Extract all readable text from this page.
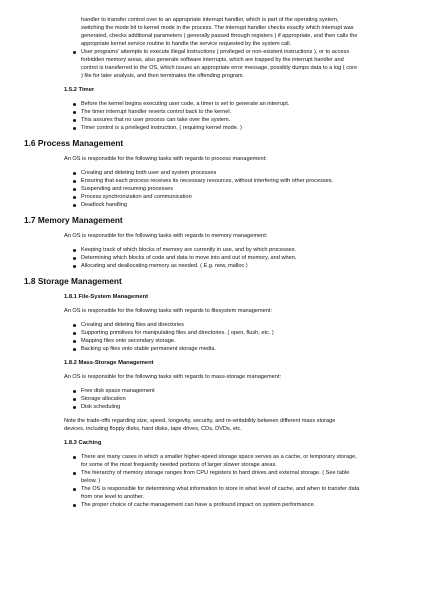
handler to transfer control over to an appropriate interrupt handler, which is part of the operating system,

switching the mode bit to kernel mode in the process. The interrupt handler checks exactly which interrupt was

generated, checks additional parameters ( generally passed through registers ) if appropriate, and then calls the

appropriate kernel service routine to handle the service requested by the system call.

User programs' attempts to execute illegal instructions ( privileged or non-existent instructions ), or to access

forbidden memory areas, also generate software interrupts, which are trapped by the interrupt handler and

control is transferred to the OS, which issues an appropriate error message, possibly dumps data to a log ( core

) file for later analysis, and then terminates the offending program.

1.5.2 Timer
Before the kernel begins executing user code, a timer is set to generate an interrupt.
The timer interrupt handler reverts control back to the kernel.
This assures that no user process can take over the system.
Timer control is a privileged instruction, ( requiring kernel mode. )
1.6 Process Management

An OS is responsible for the following tasks with regards to process management:

Creating and deleting both user and system processes
Ensuring that each process receives its necessary resources, without interfering with other processes.
Suspending and resuming processes
Process synchronization and communication
Deadlock handling
1.7 Memory Management

An OS is responsible for the following tasks with regards to memory management:

Keeping track of which blocks of memory are currently in use, and by which processes.
Determining which blocks of code and data to move into and out of memory, and when.
Allocating and deallocating memory as needed. ( E.g. new, malloc )
1.8 Storage Management
1.8.1 File-System Management

An OS is responsible for the following tasks with regards to filesystem management:

Creating and deleting files and directories
Supporting primitives for manipulating files and directories. ( open, flush, etc. )
Mapping files onto secondary storage.
Backing up files onto stable permanent storage media.
1.8.2 Mass-Storage Management

An OS is responsible for the following tasks with regards to mass-storage management:

Free disk space management
Storage allocation
Disk scheduling

Note the trade-offs regarding size, speed, longevity, security, and re-writability between different mass storage

devices, including floppy disks, hard disks, tape drives, CDs, DVDs, etc.

1.8.3 Caching

There are many cases in which a smaller higher-speed storage space serves as a cache, or temporary storage,

for some of the most frequently needed portions of larger slower storage areas.

The hierarchy of memory storage ranges from CPU registers to hard drives and external storage. ( See table

below. )

The OS is responsible for determining what information to store in what level of cache, and when to transfer data

from one level to another.

The proper choice of cache management can have a profound impact on system performance.
